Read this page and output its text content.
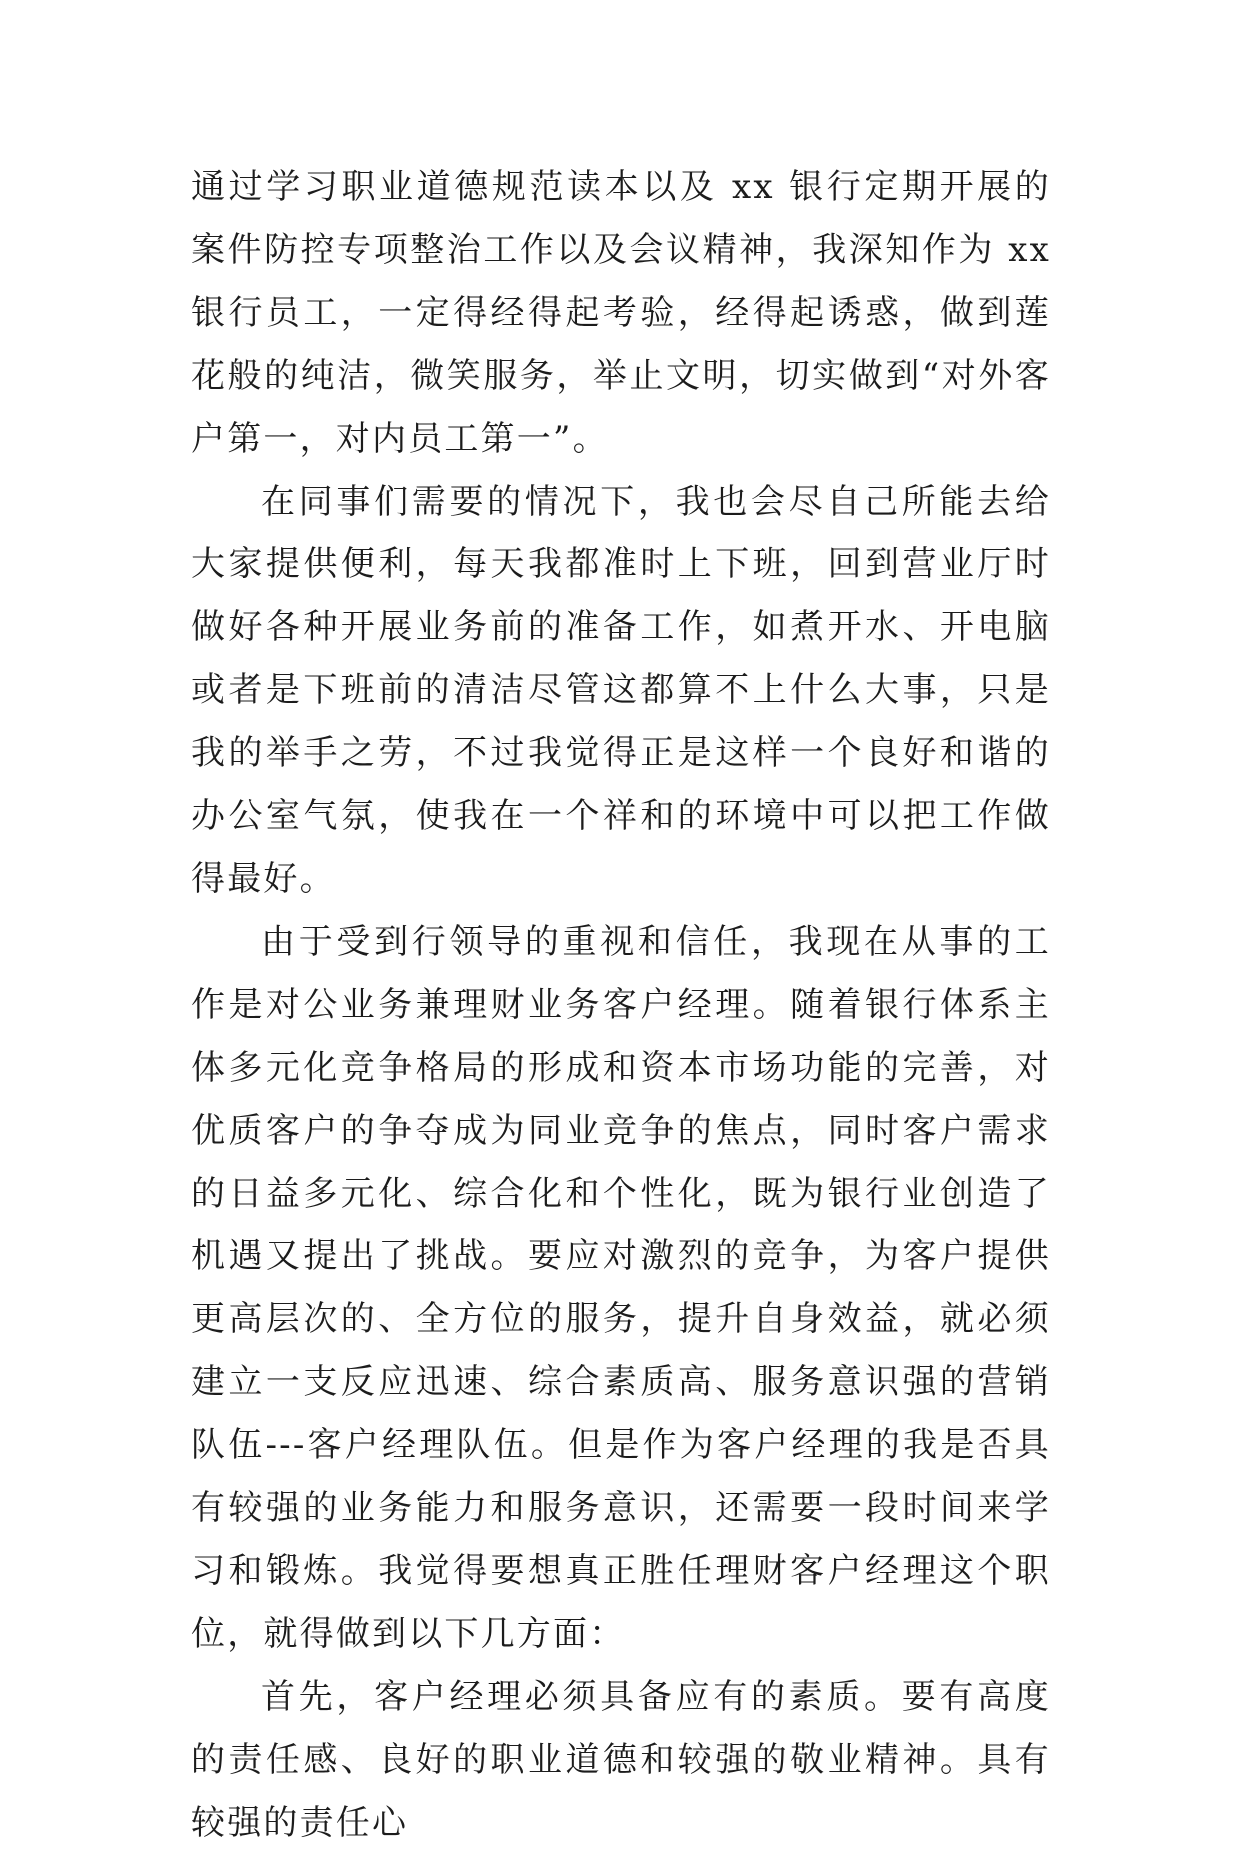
通过学习职业道德规范读本以及 xx 银行定期开展的案件防控专项整治工作以及会议精神，我深知作为 xx 银行员工，一定得经得起考验，经得起诱惑，做到莲花般的纯洁，微笑服务，举止文明，切实做到“对外客户第一，对内员工第一”。

在同事们需要的情况下，我也会尽自己所能去给大家提供便利，每天我都准时上下班，回到营业厅时做好各种开展业务前的准备工作，如煮开水、开电脑或者是下班前的清洁尽管这都算不上什么大事，只是我的举手之劳，不过我觉得正是这样一个良好和谐的办公室气氛，使我在一个祥和的环境中可以把工作做得最好。

由于受到行领导的重视和信任，我现在从事的工作是对公业务兼理财业务客户经理。随着银行体系主体多元化竞争格局的形成和资本市场功能的完善，对优质客户的争夺成为同业竞争的焦点，同时客户需求的日益多元化、综合化和个性化，既为银行业创造了机遇又提出了挑战。要应对激烈的竞争，为客户提供更高层次的、全方位的服务，提升自身效益，就必须建立一支反应迅速、综合素质高、服务意识强的营销队伍---客户经理队伍。但是作为客户经理的我是否具有较强的业务能力和服务意识，还需要一段时间来学习和锻炼。我觉得要想真正胜任理财客户经理这个职位，就得做到以下几方面：

首先，客户经理必须具备应有的素质。要有高度的责任感、良好的职业道德和较强的敬业精神。具有较强的责任心
